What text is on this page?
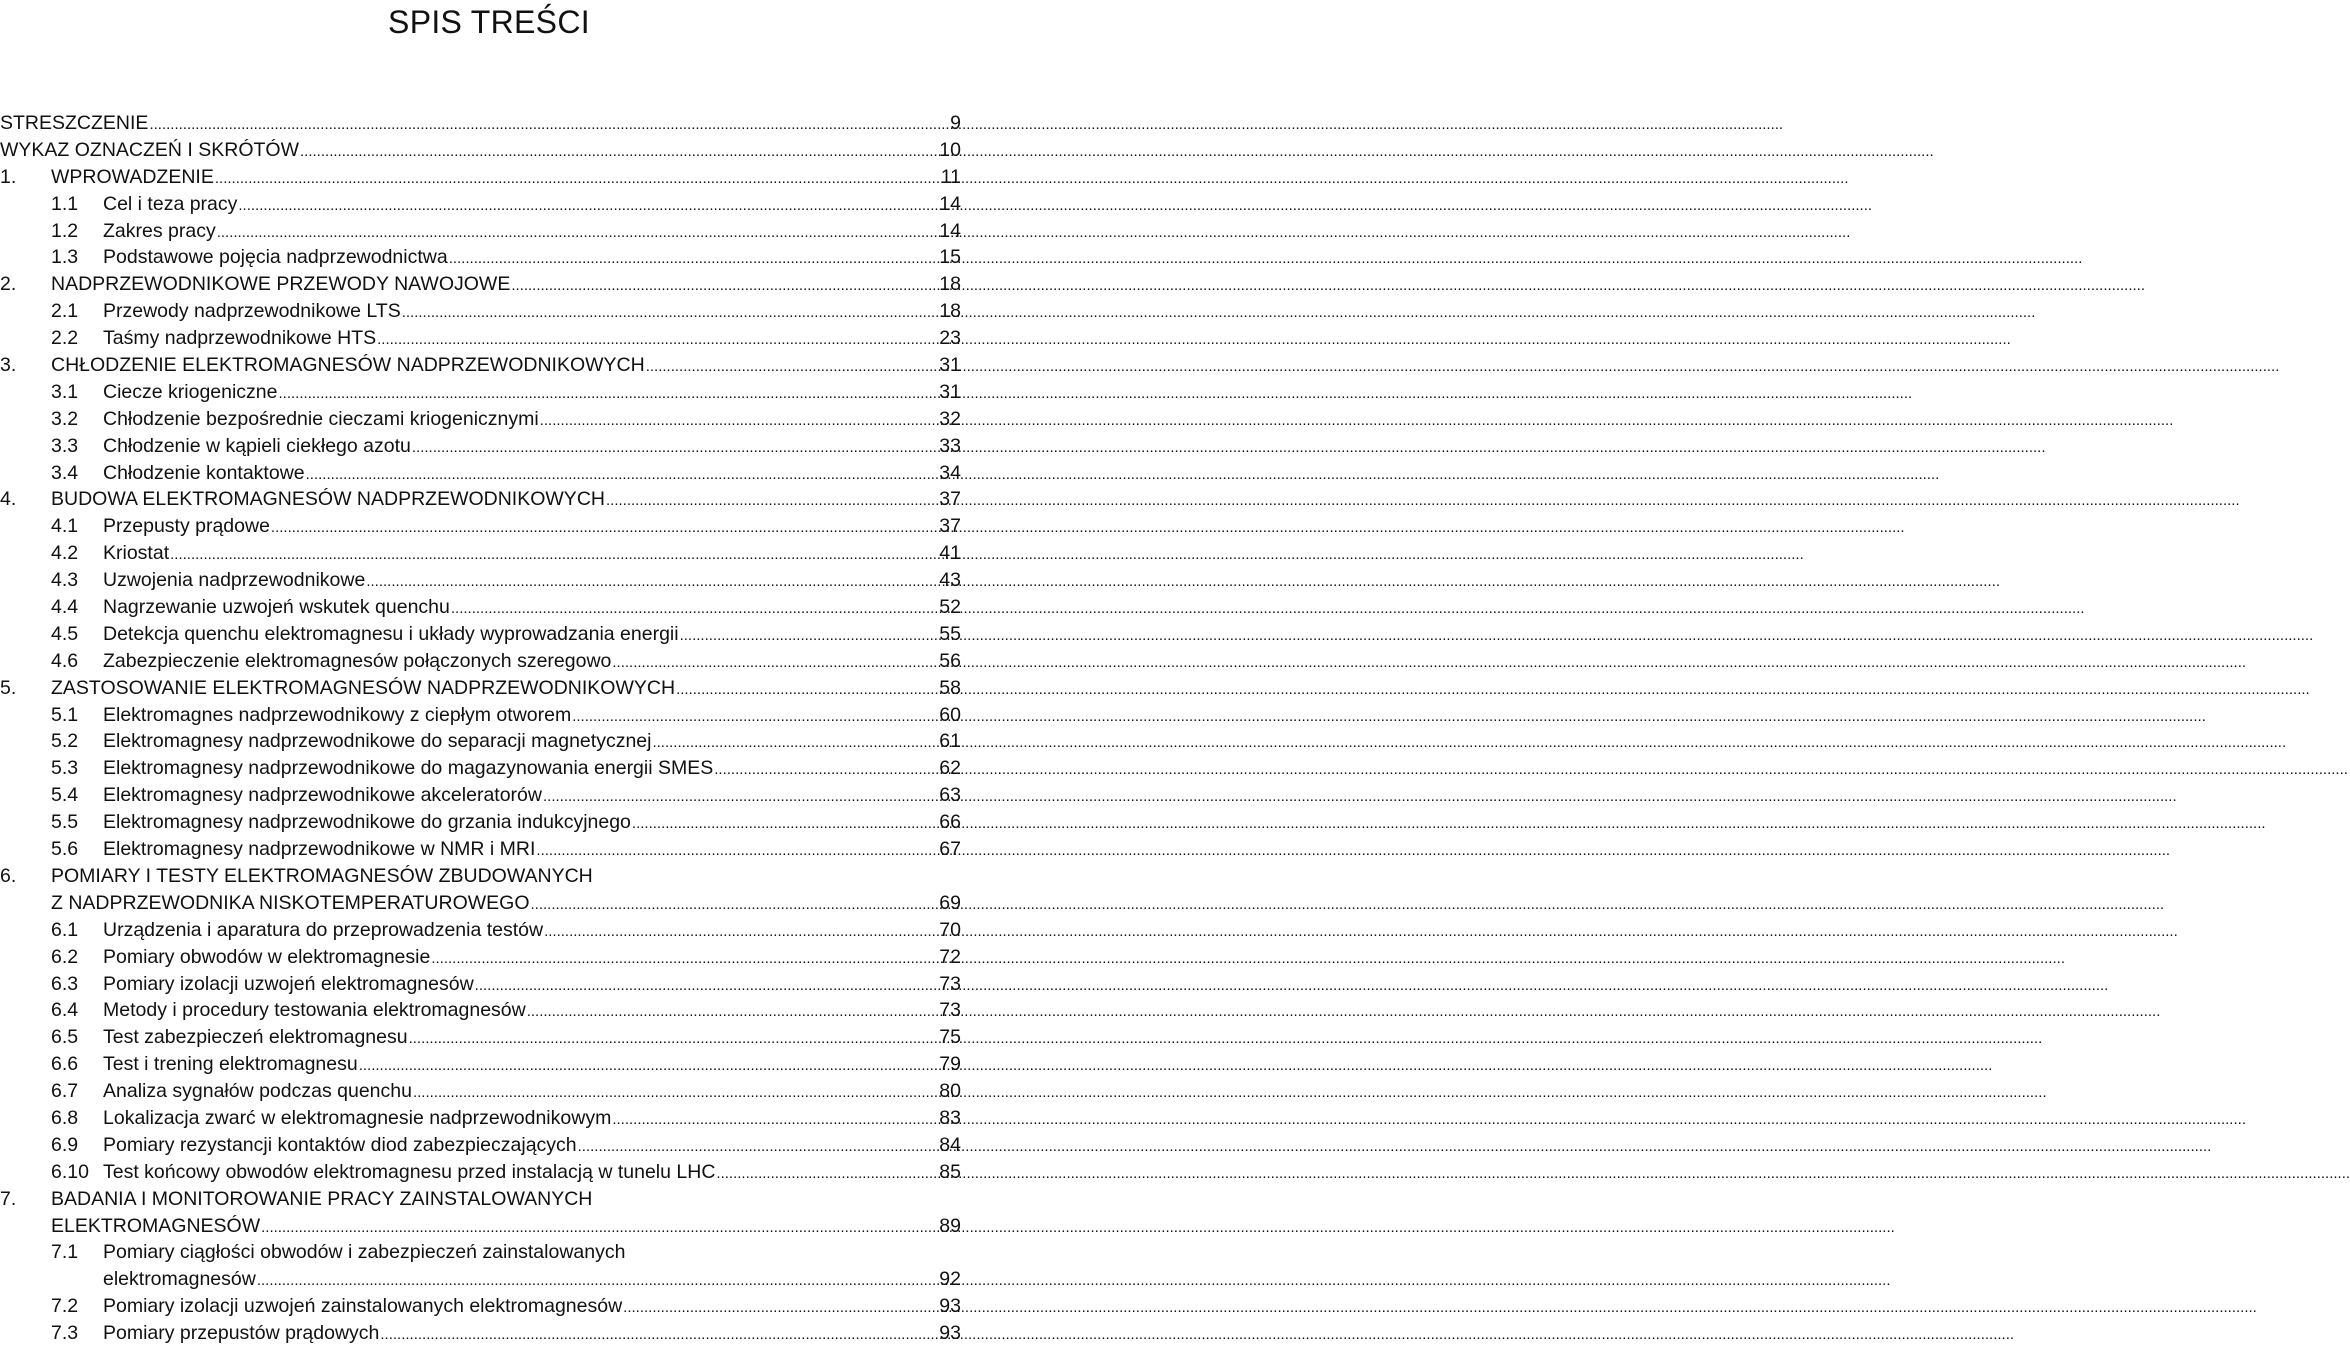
SPIS TREŚCI
STRESZCZENIE .....	9
WYKAZ OZNACZEŃ I SKRÓTÓW .....	10
1.	WPROWADZENIE .....	11
1.1	Cel i teza pracy .....	14
1.2	Zakres pracy .....	14
1.3	Podstawowe pojęcia nadprzewodnictwa .....	15
2.	NADPRZEWODNIKOWE PRZEWODY NAWOJOWE .....	18
2.1	Przewody nadprzewodnikowe LTS .....	18
2.2	Taśmy nadprzewodnikowe HTS .....	23
3.	CHŁODZENIE ELEKTROMAGNESÓW NADPRZEWODNIKOWYCH .....	31
3.1	Ciecze kriogeniczne .....	31
3.2	Chłodzenie bezpośrednie cieczami kriogenicznymi .....	32
3.3	Chłodzenie w kąpieli ciekłego azotu .....	33
3.4	Chłodzenie kontaktowe .....	34
4.	BUDOWA ELEKTROMAGNESÓW NADPRZEWODNIKOWYCH .....	37
4.1	Przepusty prądowe .....	37
4.2	Kriostat .....	41
4.3	Uzwojenia nadprzewodnikowe .....	43
4.4	Nagrzewanie uzwojeń wskutek quenchu .....	52
4.5	Detekcja quenchu elektromagnesu i układy wyprowadzania energii .....	55
4.6	Zabezpieczenie elektromagnesów połączonych szeregowo .....	56
5.	ZASTOSOWANIE ELEKTROMAGNESÓW NADPRZEWODNIKOWYCH .....	58
5.1	Elektromagnes nadprzewodnikowy z ciepłym otworem .....	60
5.2	Elektromagnesy nadprzewodnikowe do separacji magnetycznej .....	61
5.3	Elektromagnesy nadprzewodnikowe do magazynowania energii SMES .....	62
5.4	Elektromagnesy nadprzewodnikowe akceleratorów .....	63
5.5	Elektromagnesy nadprzewodnikowe do grzania indukcyjnego .....	66
5.6	Elektromagnesy nadprzewodnikowe w NMR i MRI .....	67
6.	POMIARY I TESTY ELEKTROMAGNESÓW ZBUDOWANYCH
Z NADPRZEWODNIKA NISKOTEMPERATUROWEGO .....	69
6.1	Urządzenia i aparatura do przeprowadzenia testów .....	70
6.2	Pomiary obwodów w elektromagnesie .....	72
6.3	Pomiary izolacji uzwojeń elektromagnesów .....	73
6.4	Metody i procedury testowania elektromagnesów .....	73
6.5	Test zabezpieczeń elektromagnesu .....	75
6.6	Test i trening elektromagnesu .....	79
6.7	Analiza sygnałów podczas quenchu .....	80
6.8	Lokalizacja zwarć w elektromagnesie nadprzewodnikowym .....	83
6.9	Pomiary rezystancji kontaktów diod zabezpieczających .....	84
6.10 Test końcowy obwodów elektromagnesu przed instalacją w tunelu LHC .....	85
7.	BADANIA I MONITOROWANIE PRACY ZAINSTALOWANYCH
ELEKTROMAGNESÓW .....	89
7.1	Pomiary ciągłości obwodów i zabezpieczeń zainstalowanych
elektromagnesów .....	92
7.2	Pomiary izolacji uzwojeń zainstalowanych elektromagnesów .....	93
7.3	Pomiary przepustów prądowych .....	93
